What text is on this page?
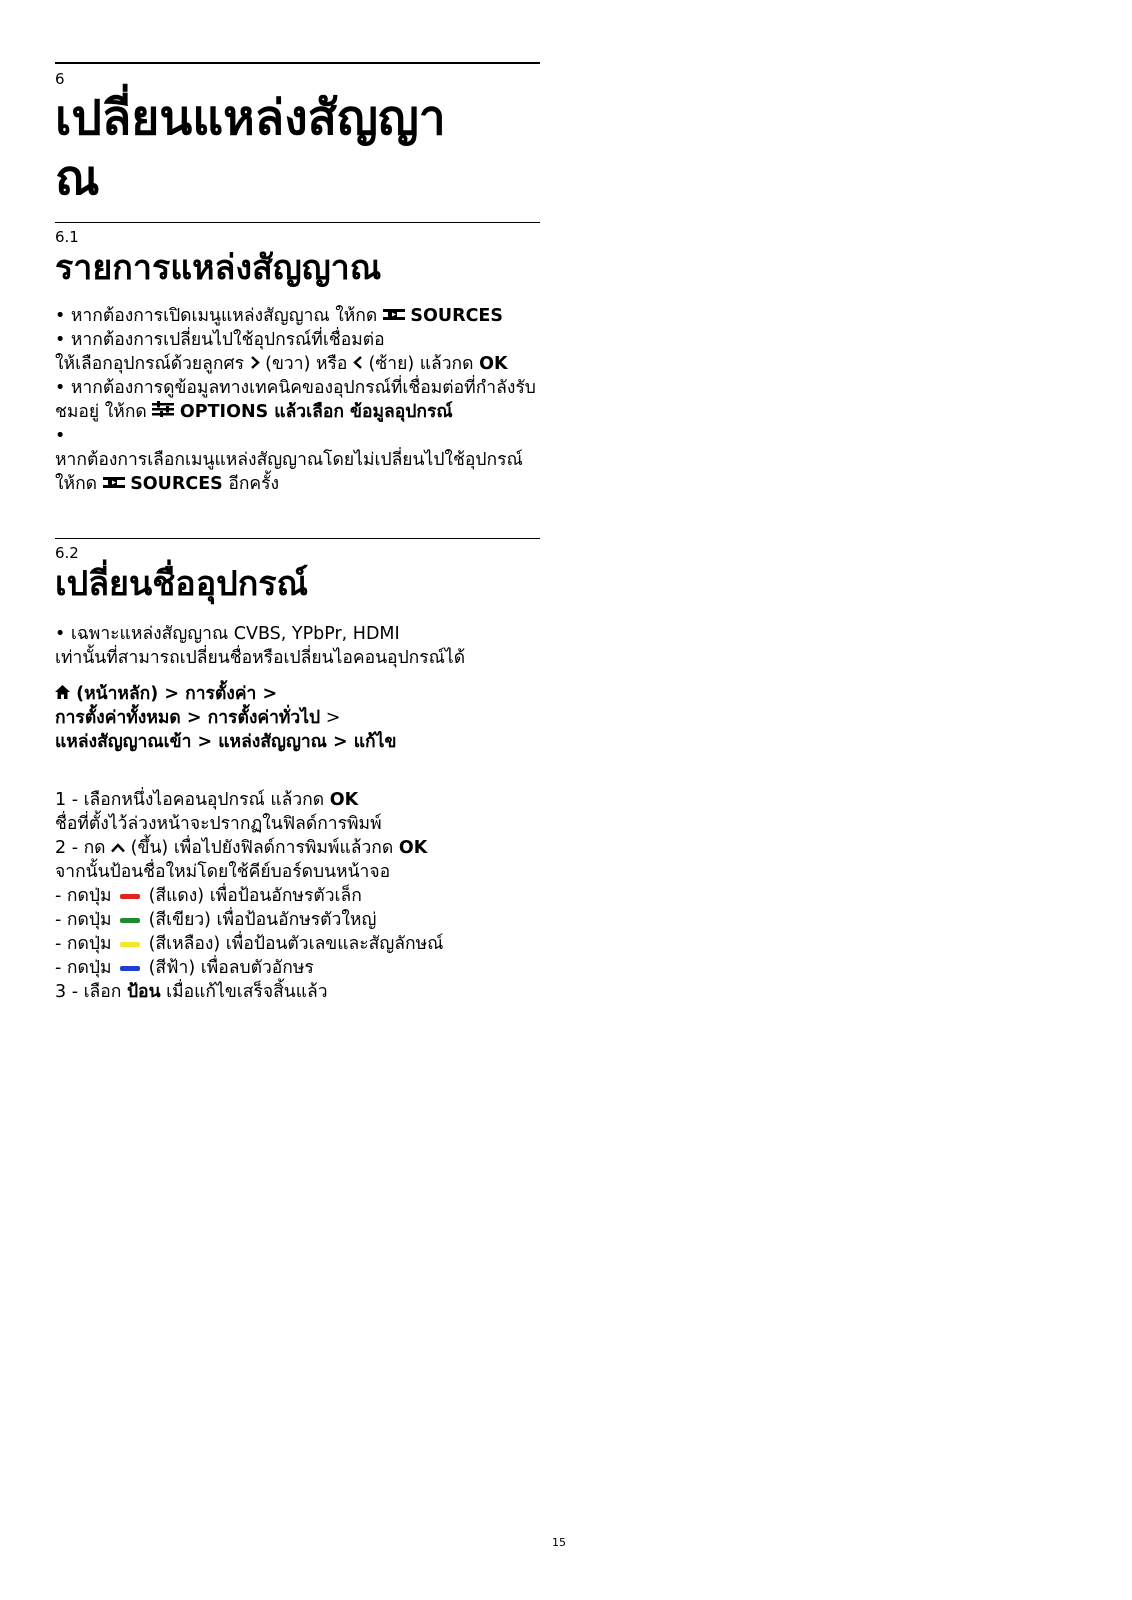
6
เปลี่ยนแหล่งสัญญา
ณ
6.1
รายการแหล่งสัญญาณ
• หากต้องการเปิดเมนูแหล่งสัญญาณ ให้กด  SOURCES
• หากต้องการเปลี่ยนไปใช้อุปกรณ์ที่เชื่อมต่อ
ให้เลือกอุปกรณ์ด้วยลูกศร  (ขวา) หรือ  (ซ้าย) แล้วกด OK
• หากต้องการดูข้อมูลทางเทคนิคของอุปกรณ์ที่เชื่อมต่อที่กำลังรับ
ชมอยู่ ให้กด  OPTIONS แล้วเลือก ข้อมูลอุปกรณ์
•
หากต้องการเลือกเมนูแหล่งสัญญาณโดยไม่เปลี่ยนไปใช้อุปกรณ์
ให้กด  SOURCES อีกครั้ง
6.2
เปลี่ยนชื่ออุปกรณ์
• เฉพาะแหล่งสัญญาณ CVBS, YPbPr, HDMI
เท่านั้นที่สามารถเปลี่ยนชื่อหรือเปลี่ยนไอคอนอุปกรณ์ได้
(หน้าหลัก) > การตั้งค่า >
การตั้งค่าทั้งหมด > การตั้งค่าทั่วไป >
แหล่งสัญญาณเข้า > แหล่งสัญญาณ > แก้ไข
1 - เลือกหนึ่งไอคอนอุปกรณ์ แล้วกด OK
ชื่อที่ตั้งไว้ล่วงหน้าจะปรากฏในฟิลด์การพิมพ์
2 - กด  (ขึ้น) เพื่อไปยังฟิลด์การพิมพ์แล้วกด OK
จากนั้นป้อนชื่อใหม่โดยใช้คีย์บอร์ดบนหน้าจอ
- กดปุ่ม  (สีแดง) เพื่อป้อนอักษรตัวเล็ก
- กดปุ่ม  (สีเขียว) เพื่อป้อนอักษรตัวใหญ่
- กดปุ่ม  (สีเหลือง) เพื่อป้อนตัวเลขและสัญลักษณ์
- กดปุ่ม  (สีฟ้า) เพื่อลบตัวอักษร
3 - เลือก ป้อน เมื่อแก้ไขเสร็จสิ้นแล้ว
15
